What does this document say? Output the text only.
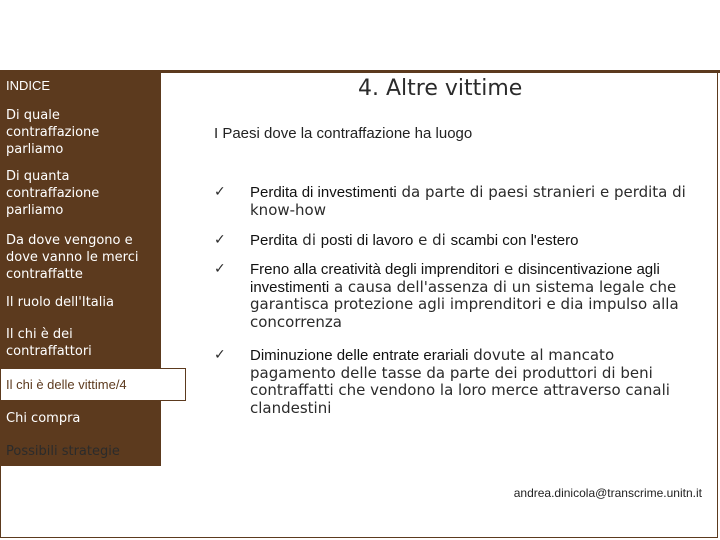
INDICE
Di quale contraffazione parliamo
Di quanta contraffazione parliamo
Da dove vengono e dove vanno le merci contraffatte
Il ruolo dell'Italia
Il chi è dei contraffattori
Il chi è delle vittime/4
Chi compra
Possibili strategie
4. Altre vittime
I Paesi dove la contraffazione ha luogo
✓	Perdita di investimenti da parte di paesi stranieri e perdita di know-how
✓	Perdita di posti di lavoro e di scambi con l'estero
✓	Freno alla creatività degli imprenditori e disincentivazione agli investimenti a causa dell'assenza di un sistema legale che garantisca protezione agli imprenditori e dia impulso alla concorrenza
✓	Diminuzione delle entrate erariali dovute al mancato pagamento delle tasse da parte dei produttori di beni contraffatti che vendono la loro merce attraverso canali clandestini
andrea.dinicola@transcrime.unitn.it
